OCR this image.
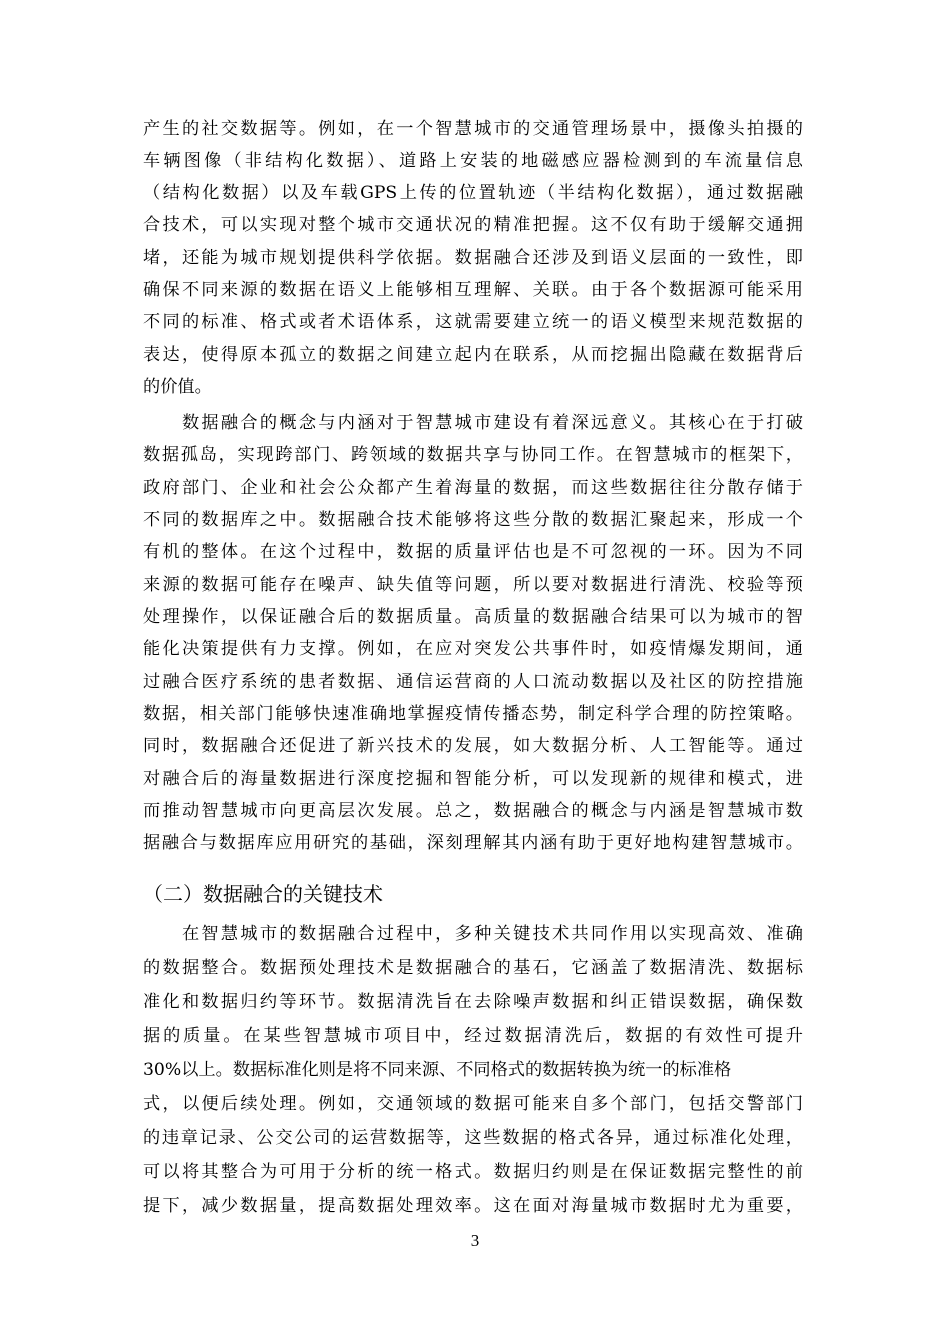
产生的社交数据等。例如，在一个智慧城市的交通管理场景中，摄像头拍摄的
车辆图像（非结构化数据）、道路上安装的地磁感应器检测到的车流量信息
（结构化数据）以及车载GPS上传的位置轨迹（半结构化数据），通过数据融
合技术，可以实现对整个城市交通状况的精准把握。这不仅有助于缓解交通拥
堵，还能为城市规划提供科学依据。数据融合还涉及到语义层面的一致性，即
确保不同来源的数据在语义上能够相互理解、关联。由于各个数据源可能采用
不同的标准、格式或者术语体系，这就需要建立统一的语义模型来规范数据的
表达，使得原本孤立的数据之间建立起内在联系，从而挖掘出隐藏在数据背后
的价值。
　　数据融合的概念与内涵对于智慧城市建设有着深远意义。其核心在于打破
数据孤岛，实现跨部门、跨领域的数据共享与协同工作。在智慧城市的框架下，
政府部门、企业和社会公众都产生着海量的数据，而这些数据往往分散存储于
不同的数据库之中。数据融合技术能够将这些分散的数据汇聚起来，形成一个
有机的整体。在这个过程中，数据的质量评估也是不可忽视的一环。因为不同
来源的数据可能存在噪声、缺失值等问题，所以要对数据进行清洗、校验等预
处理操作，以保证融合后的数据质量。高质量的数据融合结果可以为城市的智
能化决策提供有力支撑。例如，在应对突发公共事件时，如疫情爆发期间，通
过融合医疗系统的患者数据、通信运营商的人口流动数据以及社区的防控措施
数据，相关部门能够快速准确地掌握疫情传播态势，制定科学合理的防控策略。
同时，数据融合还促进了新兴技术的发展，如大数据分析、人工智能等。通过
对融合后的海量数据进行深度挖掘和智能分析，可以发现新的规律和模式，进
而推动智慧城市向更高层次发展。总之，数据融合的概念与内涵是智慧城市数
据融合与数据库应用研究的基础，深刻理解其内涵有助于更好地构建智慧城市。
（二）数据融合的关键技术
　　在智慧城市的数据融合过程中，多种关键技术共同作用以实现高效、准确
的数据整合。数据预处理技术是数据融合的基石，它涵盖了数据清洗、数据标
准化和数据归约等环节。数据清洗旨在去除噪声数据和纠正错误数据，确保数
据的质量。在某些智慧城市项目中，经过数据清洗后，数据的有效性可提升
30%以上。数据标准化则是将不同来源、不同格式的数据转换为统一的标准格
式，以便后续处理。例如，交通领域的数据可能来自多个部门，包括交警部门
的违章记录、公交公司的运营数据等，这些数据的格式各异，通过标准化处理，
可以将其整合为可用于分析的统一格式。数据归约则是在保证数据完整性的前
提下，减少数据量，提高数据处理效率。这在面对海量城市数据时尤为重要，
3
